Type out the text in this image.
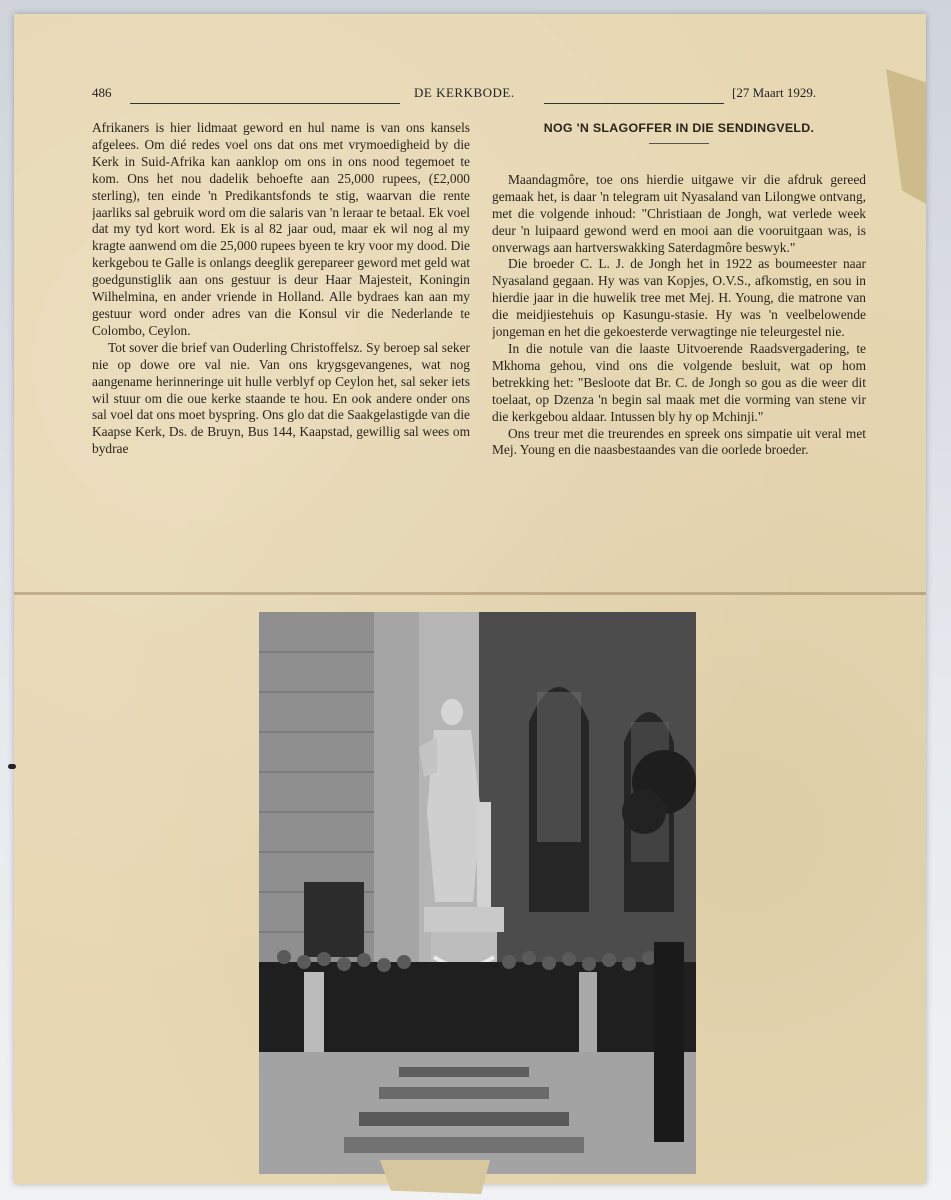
486	DE KERKBODE.	[27 Maart 1929.

Afrikaners is hier lidmaat geword en hul name is van ons kansels afgelees. Om dié redes voel ons dat ons met vrymoedigheid by die Kerk in Suid-Afrika kan aanklop om ons in ons nood tegemoet te kom. Ons het nou dadelik behoefte aan 25,000 rupees, (£2,000 sterling), ten einde 'n Predikantsfonds te stig, waarvan die rente jaarliks sal gebruik word om die salaris van 'n leraar te betaal. Ek voel dat my tyd kort word. Ek is al 82 jaar oud, maar ek wil nog al my kragte aanwend om die 25,000 rupees byeen te kry voor my dood. Die kerkgebou te Galle is onlangs deeglik gerepareer geword met geld wat goedgunstiglik aan ons gestuur is deur Haar Majesteit, Koningin Wilhelmina, en ander vriende in Holland. Alle bydraes kan aan my gestuur word onder adres van die Konsul vir die Nederlande te Colombo, Ceylon.

Tot sover die brief van Ouderling Christoffelsz. Sy beroep sal seker nie op dowe ore val nie. Van ons krygsgevangenes, wat nog aangename herinneringe uit hulle verblyf op Ceylon het, sal seker iets wil stuur om die oue kerke staande te hou. En ook andere onder ons sal voel dat ons moet byspring. Ons glo dat die Saakgelastigde van die Kaapse Kerk, Ds. de Bruyn, Bus 144, Kaapstad, gewillig sal wees om bydrae

NOG 'N SLAGOFFER IN DIE SENDINGVELD.

Maandagmôre, toe ons hierdie uitgawe vir die afdruk gereed gemaak het, is daar 'n telegram uit Nyasaland van Lilongwe ontvang, met die volgende inhoud: "Christiaan de Jongh, wat verlede week deur 'n luipaard gewond werd en mooi aan die vooruitgaan was, is onverwags aan hartverswakking Saterdagmôre beswyk."

Die broeder C. L. J. de Jongh het in 1922 as boumeester naar Nyasaland gegaan. Hy was van Kopjes, O.V.S., afkomstig, en sou in hierdie jaar in die huwelik tree met Mej. H. Young, die matrone van die meidjiestehuis op Kasungu-stasie. Hy was 'n veelbelowende jongeman en het die gekoesterde verwagtinge nie teleurgestel nie.

In die notule van die laaste Uitvoerende Raadsvergadering, te Mkhoma gehou, vind ons die volgende besluit, wat op hom betrekking het: "Besloote dat Br. C. de Jongh so gou as die weer dit toelaat, op Dzenza 'n begin sal maak met die vorming van stene vir die kerkgebou aldaar. Intussen bly hy op Mchinji."

Ons treur met die treurendes en spreek ons simpatie uit veral met Mej. Young en die naasbestaandes van die oorlede broeder.
